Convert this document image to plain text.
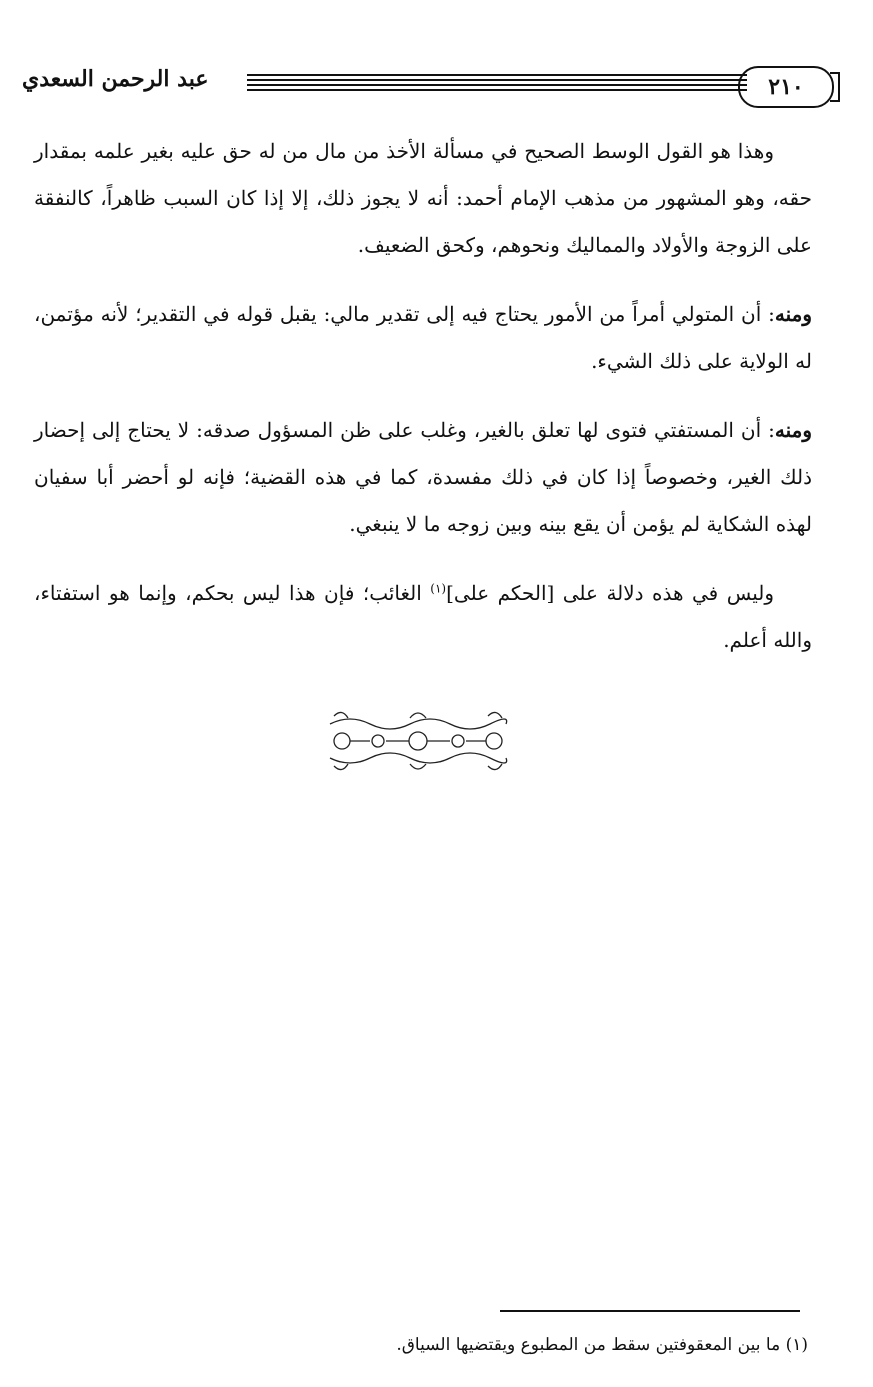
عبد الرحمن السعدي	٢١٠

وهذا هو القول الوسط الصحيح في مسألة الأخذ من مال من له حق عليه بغير علمه بمقدار حقه، وهو المشهور من مذهب الإمام أحمد: أنه لا يجوز ذلك، إلا إذا كان السبب ظاهراً، كالنفقة على الزوجة والأولاد والمماليك ونحوهم، وكحق الضعيف.

ومنه: أن المتولي أمراً من الأمور يحتاج فيه إلى تقدير مالي: يقبل قوله في التقدير؛ لأنه مؤتمن، له الولاية على ذلك الشيء.

ومنه: أن المستفتي فتوى لها تعلق بالغير، وغلب على ظن المسؤول صدقه: لا يحتاج إلى إحضار ذلك الغير، وخصوصاً إذا كان في ذلك مفسدة، كما في هذه القضية؛ فإنه لو أحضر أبا سفيان لهذه الشكاية لم يؤمن أن يقع بينه وبين زوجه ما لا ينبغي.

وليس في هذه دلالة على [الحكم على]$^{(١)}$ الغائب؛ فإن هذا ليس بحكم، وإنما هو استفتاء، والله أعلم.

(١) ما بين المعقوفتين سقط من المطبوع ويقتضيها السياق.
